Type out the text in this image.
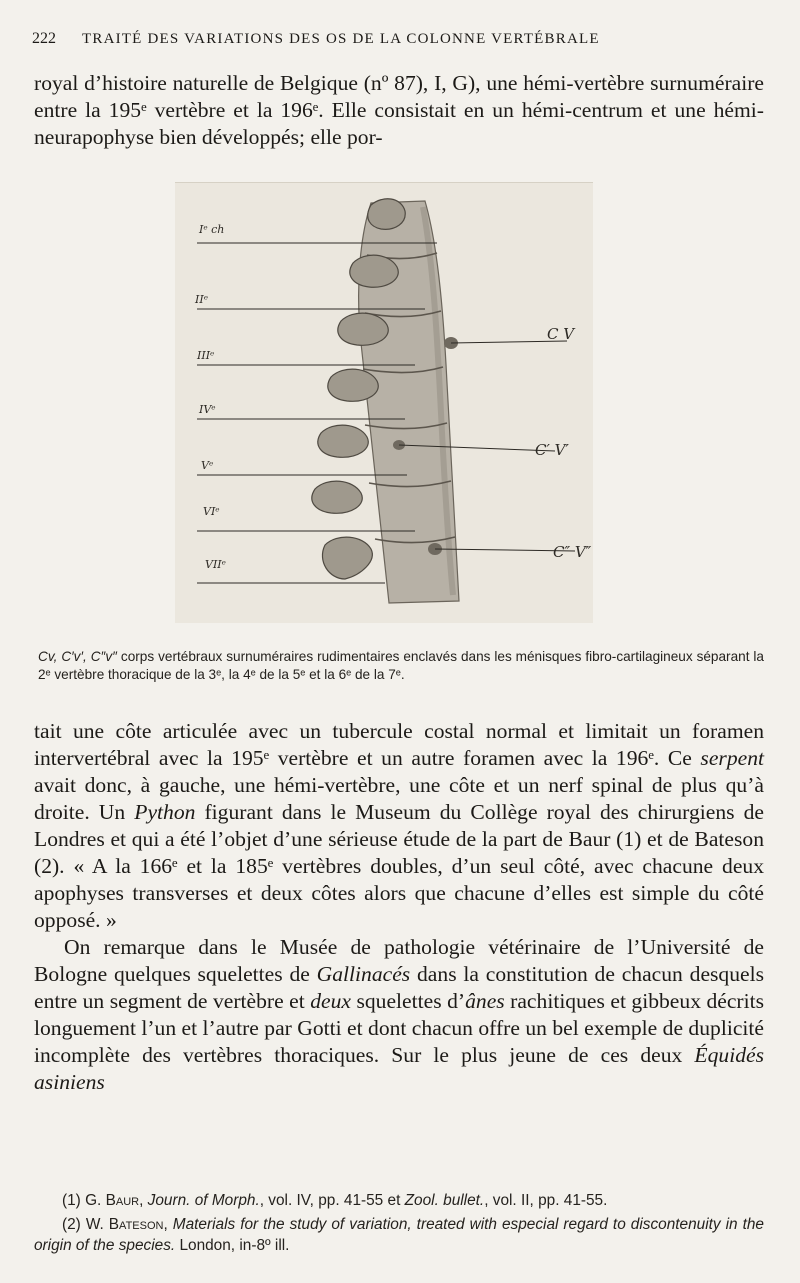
222 TRAITÉ DES VARIATIONS DES OS DE LA COLONNE VERTÉBRALE

royal d’histoire naturelle de Belgique (nº 87), I, G), une hémi-vertèbre surnuméraire entre la 195ᵉ vertèbre et la 196ᵉ. Elle consistait en un hémi-centrum et une hémi-neurapophyse bien développés; elle por-

Iᵉ ch
IIᵉ
IIIᵉ
IVᵉ
Vᵉ
VIᵉ
VIIᵉ
C V
C′ V′
C″ V″
Cv, C′v′, C″v″ corps vertébraux surnuméraires rudimentaires enclavés dans les ménisques fibro-cartilagineux séparant la 2ᵉ vertèbre thoracique de la 3ᵉ, la 4ᵉ de la 5ᵉ et la 6ᵉ de la 7ᵉ.

tait une côte articulée avec un tubercule costal normal et limitait un foramen intervertébral avec la 195ᵉ vertèbre et un autre foramen avec la 196ᵉ. Ce serpent avait donc, à gauche, une hémi-vertèbre, une côte et un nerf spinal de plus qu’à droite. Un Python figurant dans le Museum du Collège royal des chirurgiens de Londres et qui a été l’objet d’une sérieuse étude de la part de Baur (1) et de Bateson (2). « A la 166ᵉ et la 185ᵉ vertèbres doubles, d’un seul côté, avec chacune deux apophyses transverses et deux côtes alors que chacune d’elles est simple du côté opposé. »

On remarque dans le Musée de pathologie vétérinaire de l’Université de Bologne quelques squelettes de Gallinacés dans la constitution de chacun desquels entre un segment de vertèbre et deux squelettes d’ânes rachitiques et gibbeux décrits longuement l’un et l’autre par Gotti et dont chacun offre un bel exemple de duplicité incomplète des vertèbres thoraciques. Sur le plus jeune de ces deux Équidés asiniens

(1) G. Baur, Journ. of Morph., vol. IV, pp. 41-55 et Zool. bullet., vol. II, pp. 41-55.

(2) W. Bateson, Materials for the study of variation, treated with especial regard to discontenuity in the origin of the species. London, in-8º ill.
